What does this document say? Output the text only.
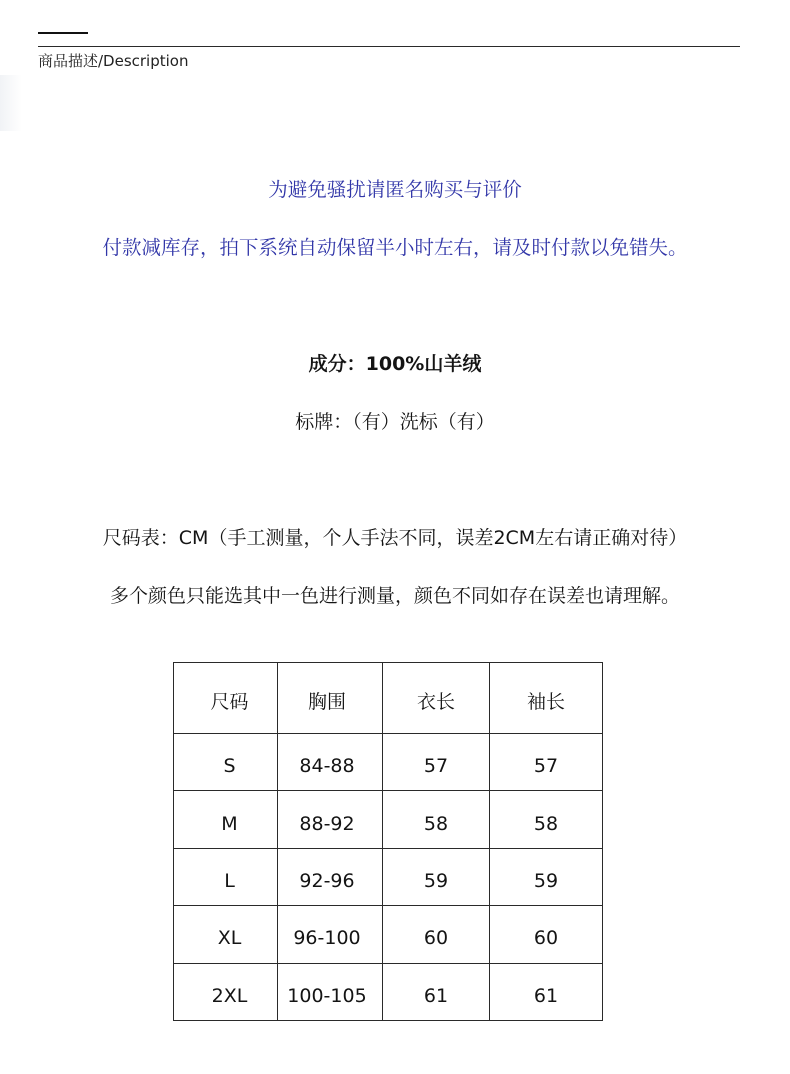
商品描述/Description
为避免骚扰请匿名购买与评价
付款减库存，拍下系统自动保留半小时左右，请及时付款以免错失。
成分：100%山羊绒
标牌：（有）洗标（有）
尺码表：CM（手工测量，个人手法不同，误差2CM左右请正确对待）
多个颜色只能选其中一色进行测量，颜色不同如存在误差也请理解。
尺码	胸围	衣长	袖长
S	84-88	57	57
M	88-92	58	58
L	92-96	59	59
XL	96-100	60	60
2XL	100-105	61	61
